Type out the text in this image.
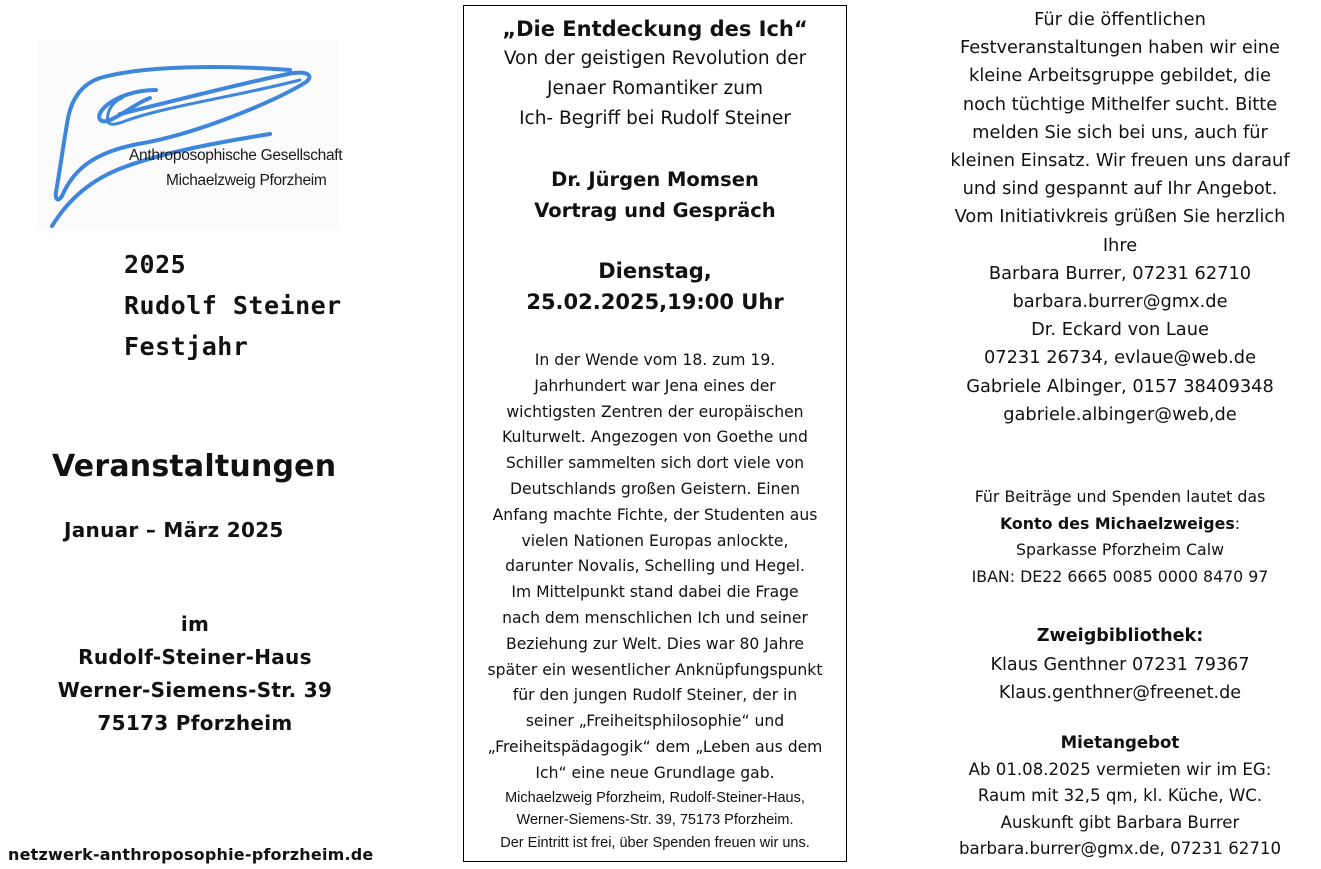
Anthroposophische Gesellschaft
Michaelzweig Pforzheim
2025
Rudolf Steiner
Festjahr
Veranstaltungen
Januar – März 2025
im
Rudolf-Steiner-Haus
Werner-Siemens-Str. 39
75173 Pforzheim
netzwerk-anthroposophie-pforzheim.de
„Die Entdeckung des Ich“
Von der geistigen Revolution der
Jenaer Romantiker zum
Ich- Begriff bei Rudolf Steiner
Dr. Jürgen Momsen
Vortrag und Gespräch
Dienstag,
25.02.2025,19:00 Uhr
In der Wende vom 18. zum 19.
Jahrhundert war Jena eines der
wichtigsten Zentren der europäischen
Kulturwelt. Angezogen von Goethe und
Schiller sammelten sich dort viele von
Deutschlands großen Geistern. Einen
Anfang machte Fichte, der Studenten aus
vielen Nationen Europas anlockte,
darunter Novalis, Schelling und Hegel.
Im Mittelpunkt stand dabei die Frage
nach dem menschlichen Ich und seiner
Beziehung zur Welt. Dies war 80 Jahre
später ein wesentlicher Anknüpfungspunkt
für den jungen Rudolf Steiner, der in
seiner „Freiheitsphilosophie“ und
„Freiheitspädagogik“ dem „Leben aus dem
Ich“ eine neue Grundlage gab.
Michaelzweig Pforzheim, Rudolf-Steiner-Haus,
Werner-Siemens-Str. 39, 75173 Pforzheim.
Der Eintritt ist frei, über Spenden freuen wir uns.
Für die öffentlichen
Festveranstaltungen haben wir eine
kleine Arbeitsgruppe gebildet, die
noch tüchtige Mithelfer sucht. Bitte
melden Sie sich bei uns, auch für
kleinen Einsatz. Wir freuen uns darauf
und sind gespannt auf Ihr Angebot.
Vom Initiativkreis grüßen Sie herzlich
Ihre
Barbara Burrer, 07231 62710
barbara.burrer@gmx.de
Dr. Eckard von Laue
07231 26734, evlaue@web.de
Gabriele Albinger, 0157 38409348
gabriele.albinger@web,de
Für Beiträge und Spenden lautet das
Konto des Michaelzweiges:
Sparkasse Pforzheim Calw
IBAN: DE22 6665 0085 0000 8470 97
Zweigbibliothek:
Klaus Genthner 07231 79367
Klaus.genthner@freenet.de
Mietangebot
Ab 01.08.2025 vermieten wir im EG:
Raum mit 32,5 qm, kl. Küche, WC.
Auskunft gibt Barbara Burrer
barbara.burrer@gmx.de, 07231 62710
